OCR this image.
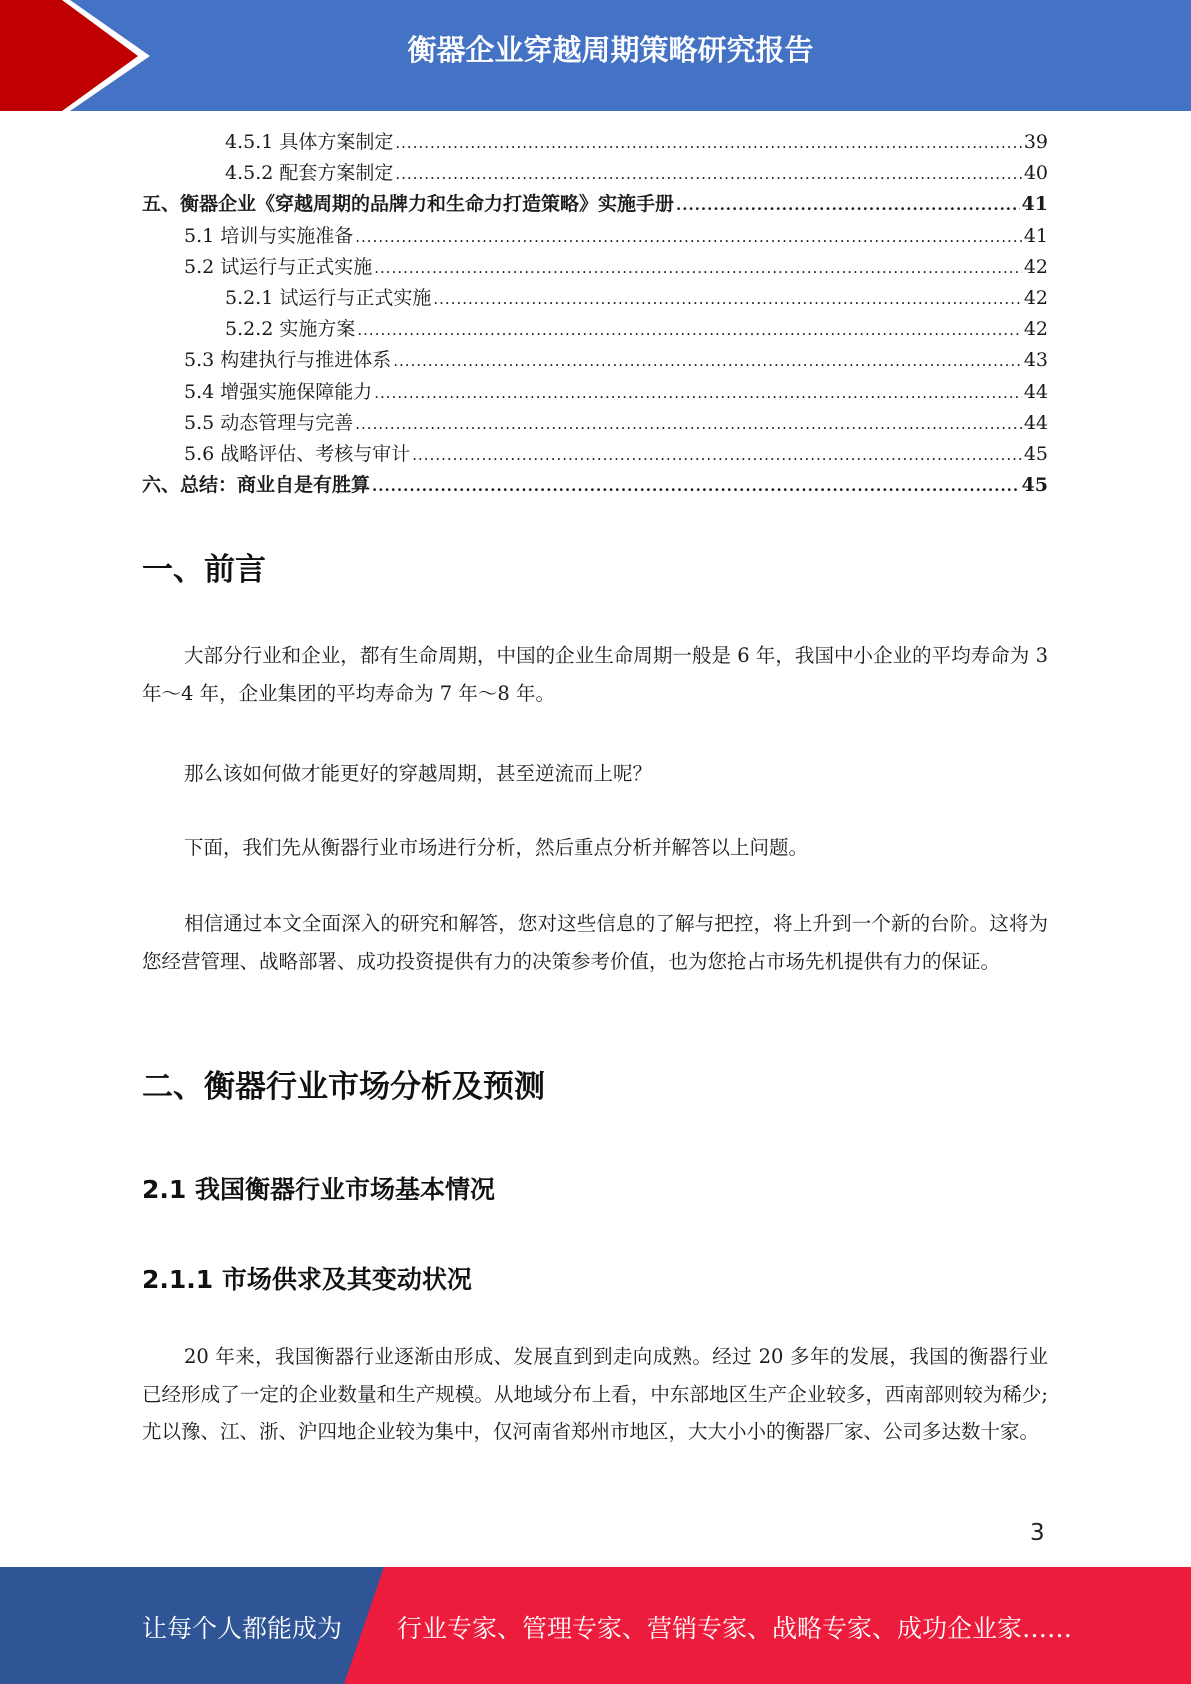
衡器企业穿越周期策略研究报告
4.5.1 具体方案制定 .....	39
4.5.2 配套方案制定 .....	40
五、衡器企业《穿越周期的品牌力和生命力打造策略》实施手册 .....	41
5.1 培训与实施准备 .....	41
5.2 试运行与正式实施 .....	42
5.2.1 试运行与正式实施 .....	42
5.2.2 实施方案 .....	42
5.3 构建执行与推进体系 .....	43
5.4 增强实施保障能力 .....	44
5.5 动态管理与完善 .....	44
5.6 战略评估、考核与审计 .....	45
六、总结：商业自是有胜算 .....	45
一、前言

大部分行业和企业，都有生命周期，中国的企业生命周期一般是 6 年，我国中小企业的平均寿命为 3 年～4 年，企业集团的平均寿命为 7 年～8 年。

那么该如何做才能更好的穿越周期，甚至逆流而上呢？

下面，我们先从衡器行业市场进行分析，然后重点分析并解答以上问题。

相信通过本文全面深入的研究和解答，您对这些信息的了解与把控，将上升到一个新的台阶。这将为您经营管理、战略部署、成功投资提供有力的决策参考价值，也为您抢占市场先机提供有力的保证。

二、衡器行业市场分析及预测
2.1 我国衡器行业市场基本情况
2.1.1 市场供求及其变动状况

20 年来，我国衡器行业逐渐由形成、发展直到到走向成熟。经过 20 多年的发展，我国的衡器行业已经形成了一定的企业数量和生产规模。从地域分布上看，中东部地区生产企业较多，西南部则较为稀少;尤以豫、江、浙、沪四地企业较为集中，仅河南省郑州市地区，大大小小的衡器厂家、公司多达数十家。

3
让每个人都能成为 行业专家、管理专家、营销专家、战略专家、成功企业家……
